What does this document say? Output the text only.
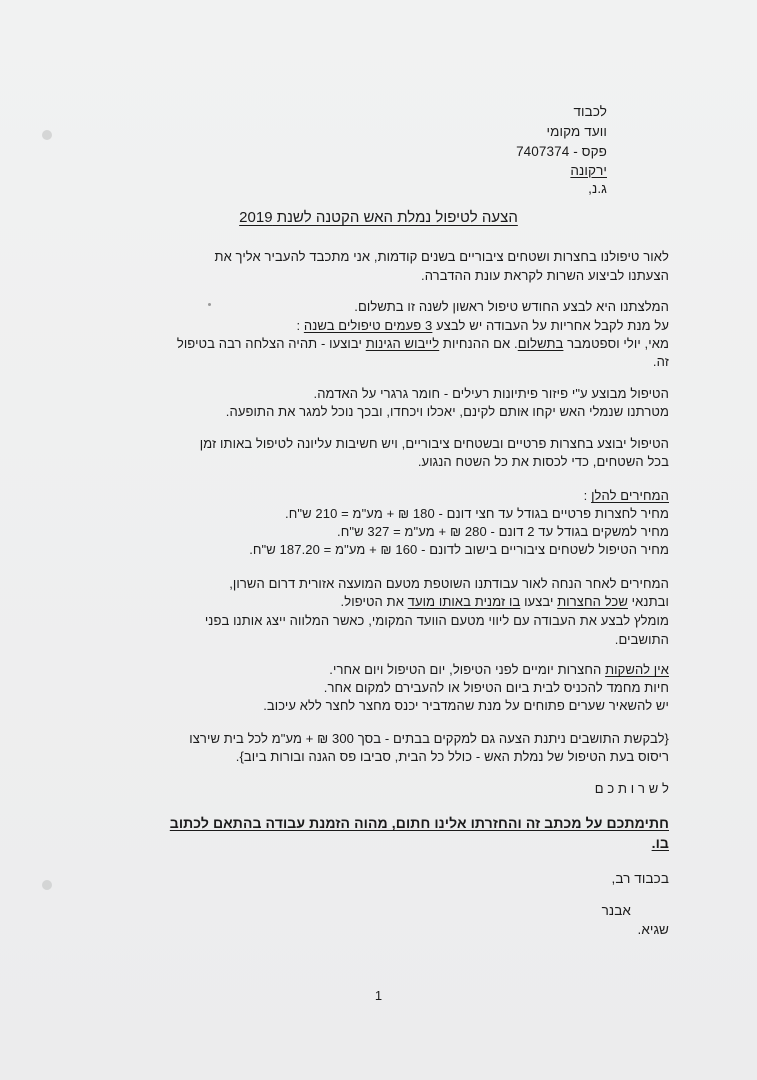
לכבוד
וועד מקומי
פקס - 7407374
ירקונה
ג.נ,
הצעה לטיפול נמלת האש הקטנה לשנת 2019
לאור טיפולנו בחצרות ושטחים ציבוריים בשנים קודמות, אני מתכבד להעביר אליך את
הצעתנו לביצוע השרות לקראת עונת ההדברה.
המלצתנו היא לבצע החודש טיפול ראשון לשנה זו בתשלום.
על מנת לקבל אחריות על העבודה יש לבצע 3 פעמים טיפולים בשנה :
מאי, יולי וספטמבר בתשלום. אם ההנחיות לייבוש הגינות יבוצעו - תהיה הצלחה רבה בטיפול
זה.
הטיפול מבוצע ע"י פיזור פיתיונות רעילים - חומר גרגרי על האדמה.
מטרתנו שנמלי האש יקחו אותם לקינם, יאכלו ויכחדו, ובכך נוכל למגר את התופעה.
הטיפול יבוצע בחצרות פרטיים ובשטחים ציבוריים, ויש חשיבות עליונה לטיפול באותו זמן
בכל השטחים, כדי לכסות את כל השטח הנגוע.
המחירים להלן :
מחיר לחצרות פרטיים בגודל עד חצי דונם - 180 ₪ + מע"מ = 210 ש"ח.
מחיר למשקים בגודל עד 2 דונם - 280 ₪ + מע"מ = 327 ש"ח.
מחיר הטיפול לשטחים ציבוריים בישוב לדונם - 160 ₪ + מע"מ = 187.20 ש"ח.
המחירים לאחר הנחה לאור עבודתנו השוטפת מטעם המועצה אזורית דרום השרון,
ובתנאי שכל החצרות יבצעו בו זמנית באותו מועד את הטיפול.
מומלץ לבצע את העבודה עם ליווי מטעם הוועד המקומי, כאשר המלווה ייצג אותנו בפני
התושבים.
אין להשקות החצרות יומיים לפני הטיפול, יום הטיפול ויום אחרי.
חיות מחמד להכניס לבית ביום הטיפול או להעבירם למקום אחר.
יש להשאיר שערים פתוחים על מנת שהמדביר יכנס מחצר לחצר ללא עיכוב.
{לבקשת התושבים ניתנת הצעה גם למקקים בבתים - בסך 300 ₪ + מע"מ לכל בית שירצו
ריסוס בעת הטיפול של נמלת האש - כולל כל הבית, סביבו פס הגנה ובורות ביוב}.
ל ש ר ו ת כ ם
חתימתכם על מכתב זה והחזרתו אלינו חתום, מהוה הזמנת עבודה בהתאם לכתוב
בו.
בכבוד רב,
אבנר
שגיא.
1
